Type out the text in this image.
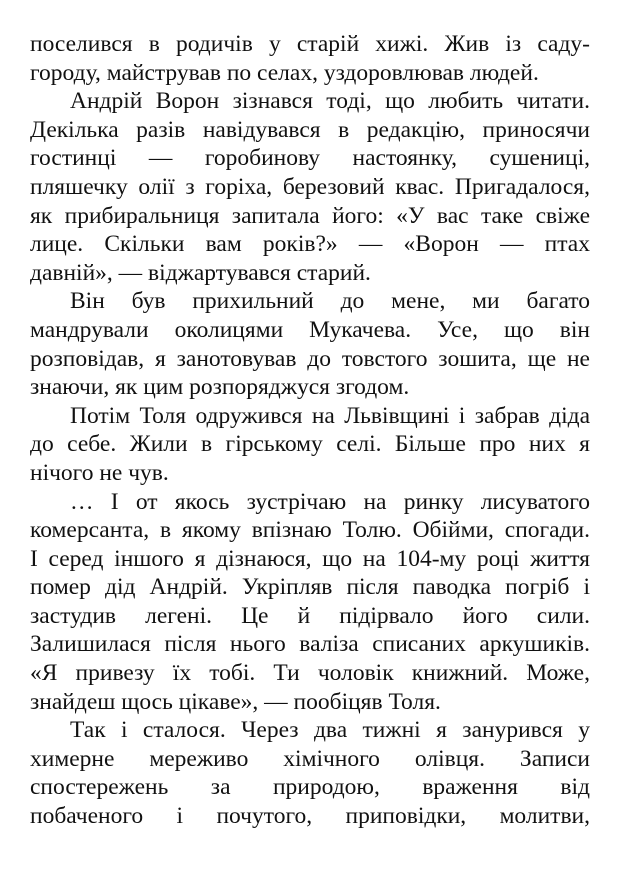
поселився в родичів у старій хижі. Жив із саду-
городу, майстрував по селах, уздоровлював людей.
Андрій Ворон зізнався тоді, що любить читати.
Декілька разів навідувався в редакцію, приносячи
гостинці — горобинову настоянку, сушениці,
пляшечку олії з горіха, березовий квас. Пригадалося,
як прибиральниця запитала його: «У вас таке свіже
лице. Скільки вам років?» — «Ворон — птах
давній», — віджартувався старий.
Він був прихильний до мене, ми багато
мандрували околицями Мукачева. Усе, що він
розповідав, я занотовував до товстого зошита, ще не
знаючи, як цим розпоряджуся згодом.
Потім Толя одружився на Львівщині і забрав діда
до себе. Жили в гірському селі. Більше про них я
нічого не чув.
… І от якось зустрічаю на ринку лисуватого
комерсанта, в якому впізнаю Толю. Обійми, спогади.
І серед іншого я дізнаюся, що на 104-му році життя
помер дід Андрій. Укріпляв після паводка погріб і
застудив легені. Це й підірвало його сили.
Залишилася після нього валіза списаних аркушиків.
«Я привезу їх тобі. Ти чоловік книжний. Може,
знайдеш щось цікаве», — пообіцяв Толя.
Так і сталося. Через два тижні я занурився у
химерне мереживо хімічного олівця. Записи
спостережень за природою, враження від
побаченого і почутого, приповідки, молитви,
